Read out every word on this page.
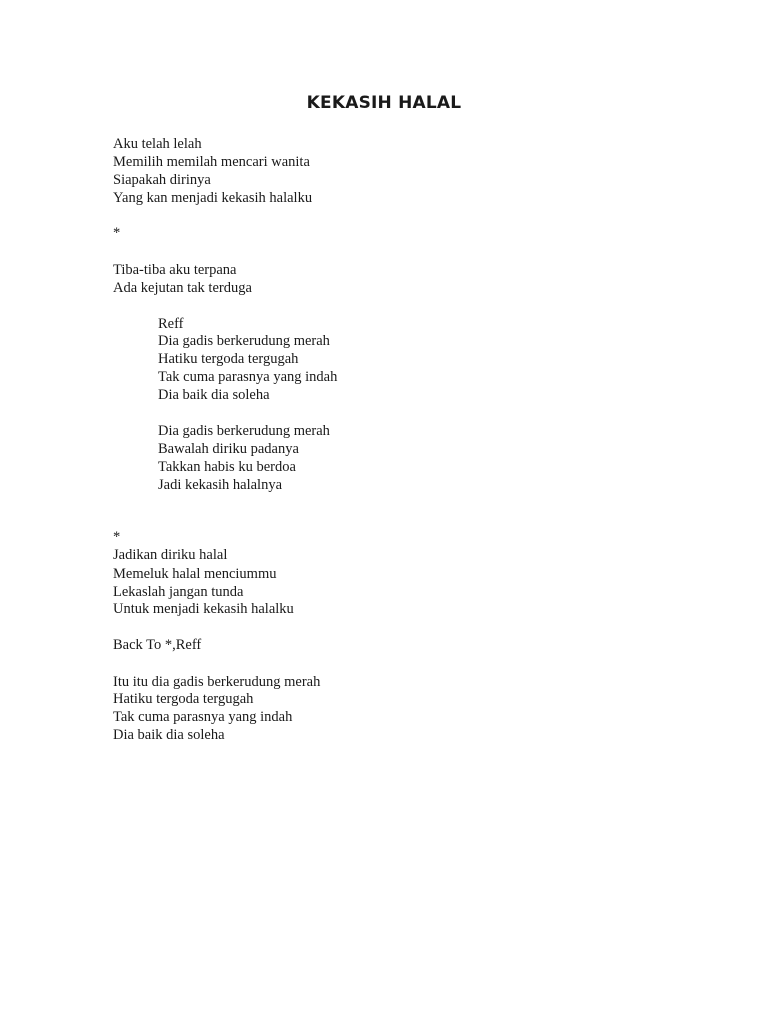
KEKASIH HALAL
Aku telah lelah
Memilih memilah mencari wanita
Siapakah dirinya
Yang kan menjadi kekasih halalku
*
Tiba-tiba aku terpana
Ada kejutan tak terduga
Reff
Dia gadis berkerudung merah
Hatiku tergoda tergugah
Tak cuma parasnya yang indah
Dia baik dia soleha
Dia gadis berkerudung merah
Bawalah diriku padanya
Takkan habis ku berdoa
Jadi kekasih halalnya
*
Jadikan diriku halal
Memeluk halal menciummu
Lekaslah jangan tunda
Untuk menjadi kekasih halalku
Back To *,Reff
Itu itu dia gadis berkerudung merah
Hatiku tergoda tergugah
Tak cuma parasnya yang indah
Dia baik dia soleha
